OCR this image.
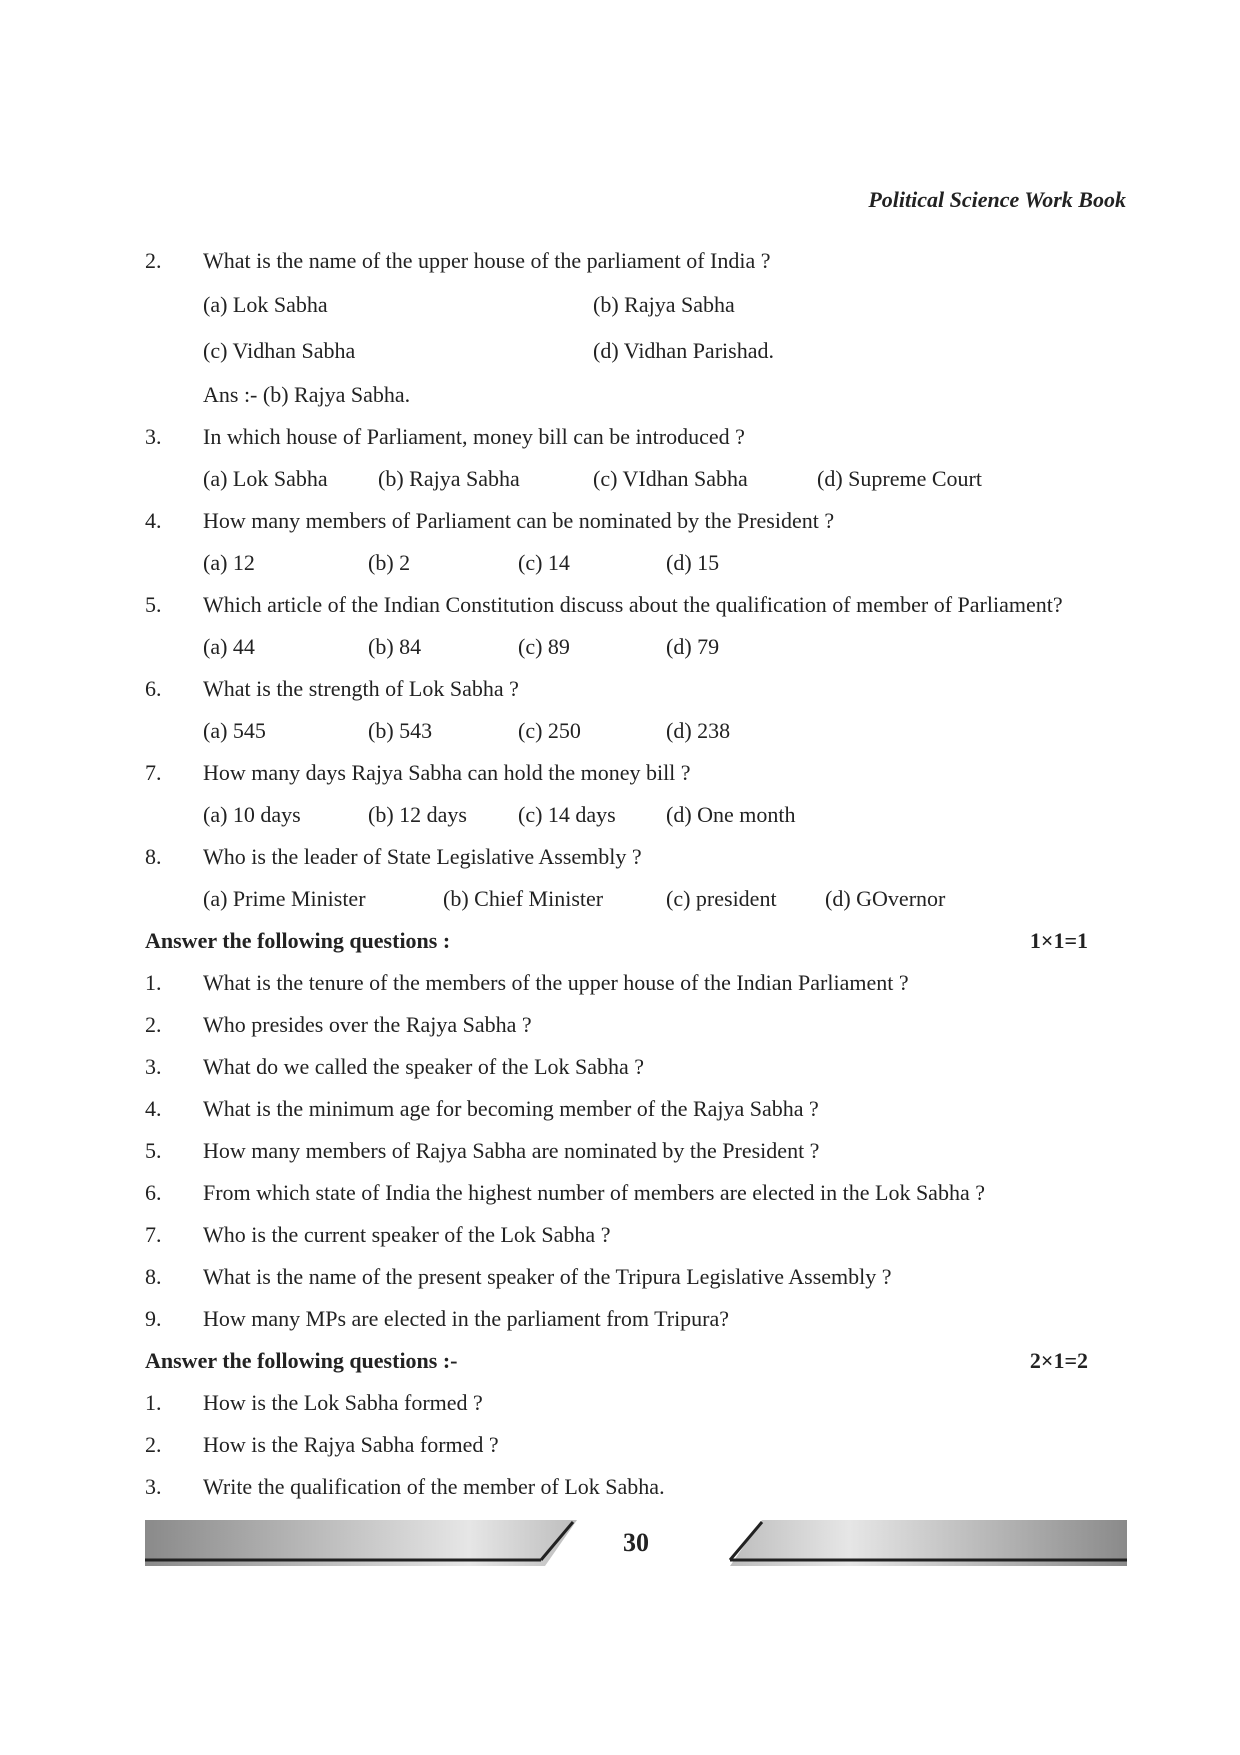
Political Science Work Book
2. What is the name of the upper house of the parliament of India ?
(a) Lok Sabha	(b) Rajya Sabha
(c) Vidhan Sabha	(d) Vidhan Parishad.
Ans :- (b) Rajya Sabha.
3. In which house of Parliament, money bill can be introduced ?
(a) Lok Sabha (b) Rajya Sabha	(c) VIdhan Sabha	(d) Supreme Court
4. How many members of Parliament can be nominated by the President ?
(a) 12	(b) 2	(c) 14	(d) 15
5. Which article of the Indian Constitution discuss about the qualification of member of Parliament?
(a) 44	(b) 84	(c) 89	(d) 79
6. What is the strength of Lok Sabha ?
(a) 545	(b) 543	(c) 250	(d) 238
7. How many days Rajya Sabha can hold the money bill ?
(a) 10 days	(b) 12 days (c) 14 days (d) One month
8. Who is the leader of State Legislative Assembly ?
(a) Prime Minister	(b) Chief Minister	(c) president (d) GOvernor
Answer the following questions :	1×1=1
1. What is the tenure of the members of the upper house of the Indian Parliament ?
2. Who presides over the Rajya Sabha ?
3. What do we called the speaker of the Lok Sabha ?
4. What is the minimum age for becoming member of the Rajya Sabha ?
5. How many members of Rajya Sabha are nominated by the President ?
6. From which state of India the highest number of members are elected in the Lok Sabha ?
7. Who is the current speaker of the Lok Sabha ?
8. What is the name of the present speaker of the Tripura Legislative Assembly ?
9. How many MPs are elected in the parliament from Tripura?
Answer the following questions :-	2×1=2
1. How is the Lok Sabha formed ?
2. How is the Rajya Sabha formed ?
3. Write the qualification of the member of Lok Sabha.
30
